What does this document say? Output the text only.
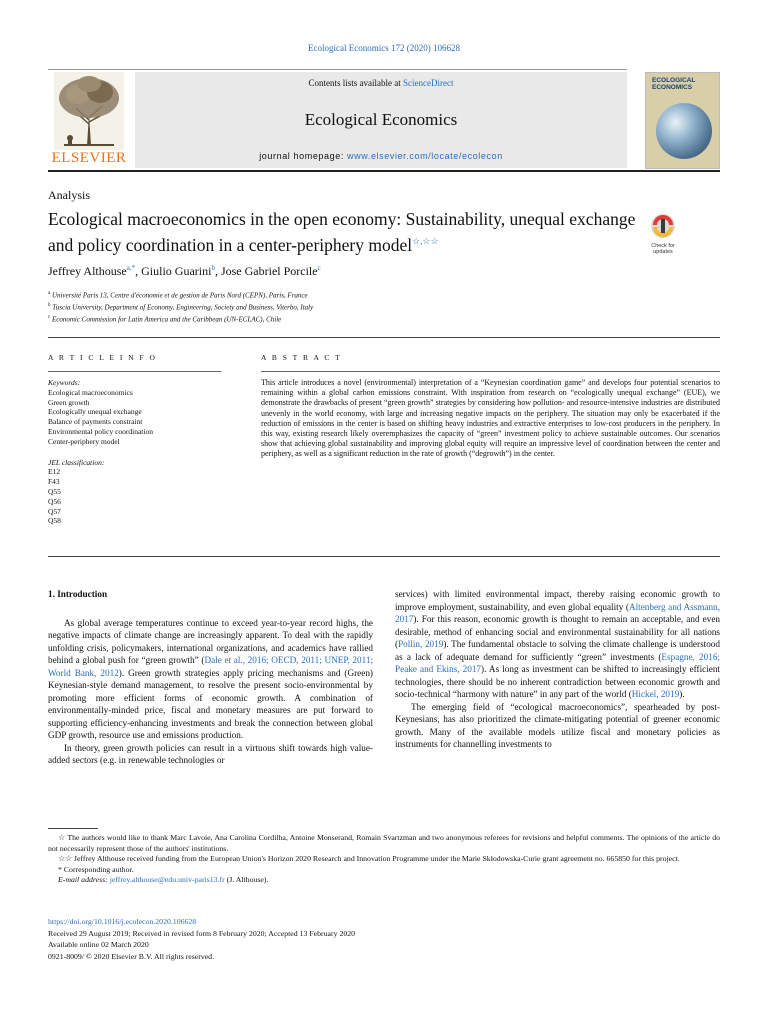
Ecological Economics 172 (2020) 106628
ELSEVIER
Contents lists available at ScienceDirect
Ecological Economics
journal homepage: www.elsevier.com/locate/ecolecon
ECOLOGICAL ECONOMICS
Analysis
Ecological macroeconomics in the open economy: Sustainability, unequal exchange and policy coordination in a center-periphery model☆,☆☆	Check for
updates
Jeffrey Althouse$^{a,*}$, Giulio Guarini$^b$, Jose Gabriel Porcile$^c$
$^a$ Université Paris 13, Centre d'économie et de gestion de Paris Nord (CEPN), Paris, France
$^b$ Tuscia University, Department of Economy, Engineering, Society and Business, Viterbo, Italy
$^c$ Economic Commission for Latin America and the Caribbean (UN-ECLAC), Chile
A R T I C L E I N F O	A B S T R A C T
Keywords:
Ecological macroeconomics
Green growth
Ecologically unequal exchange
Balance of payments constraint
Environmental policy coordination
Center-periphery model
JEL classification:
E12
F43
Q55
Q56
Q57
Q58
This article introduces a novel (environmental) interpretation of a “Keynesian coordination game” and develops four potential scenarios to remaining within a global carbon emissions constraint. With inspiration from research on “ecologically unequal exchange” (EUE), we demonstrate the drawbacks of present “green growth” strategies by considering how pollution- and resource-intensive industries are distributed unevenly in the world economy, with large and increasing negative impacts on the periphery. The situation may only be exacerbated if the reduction of emissions in the center is based on shifting heavy industries and extractive enterprises to low-cost producers in the periphery. In this way, existing research likely overemphasizes the capacity of “green” investment policy to achieve sustainable outcomes. Our scenarios show that achieving global sustainability and improving global equity will require an impressive level of coordination between the center and periphery, as well as a significant reduction in the rate of growth (“degrowth”) in the center.

1. Introduction

As global average temperatures continue to exceed year-to-year record highs, the negative impacts of climate change are increasingly apparent. To deal with the rapidly unfolding crisis, policymakers, international organizations, and academics have rallied behind a global push for “green growth” (Dale et al., 2016; OECD, 2011; UNEP, 2011; World Bank, 2012). Green growth strategies apply pricing mechanisms and (Green) Keynesian-style demand management, to resolve the present socio-environmental by promoting more efficient forms of economic growth. A combination of environmentally-minded price, fiscal and monetary measures are put forward to supporting efficiency-enhancing investments and break the connection between global GDP growth, resource use and emissions production.

In theory, green growth policies can result in a virtuous shift towards high value-added sectors (e.g. in renewable technologies or

services) with limited environmental impact, thereby raising economic growth to improve employment, sustainability, and even global equality (Altenberg and Assmann, 2017). For this reason, economic growth is thought to remain an acceptable, and even desirable, method of enhancing social and environmental sustainability for all nations (Pollin, 2019). The fundamental obstacle to solving the climate challenge is understood as a lack of adequate demand for sufficiently “green” investments (Espagne, 2016; Peake and Ekins, 2017). As long as investment can be shifted to increasingly efficient technologies, there should be no inherent contradiction between economic growth and socio-technical “harmony with nature” in any part of the world (Hickel, 2019).

The emerging field of “ecological macroeconomics”, spearheaded by post-Keynesians, has also prioritized the climate-mitigating potential of greener economic growth. Many of the available models utilize fiscal and monetary policies as instruments for channelling investments to

☆ The authors would like to thank Marc Lavoie, Ana Carolina Cordilha, Antoine Monserand, Romain Svartzman and two anonymous referees for revisions and helpful comments. The opinions of the article do not necessarily represent those of the authors' institutions.

☆☆ Jeffrey Althouse received funding from the European Union's Horizon 2020 Research and Innovation Programme under the Marie Skłodowska-Curie grant agreement no. 665850 for this project.

* Corresponding author.

E-mail address: jeffrey.althouse@edu.univ-paris13.fr (J. Althouse).

https://doi.org/10.1016/j.ecolecon.2020.106628
Received 29 August 2019; Received in revised form 8 February 2020; Accepted 13 February 2020
Available online 02 March 2020
0921-8009/ © 2020 Elsevier B.V. All rights reserved.
